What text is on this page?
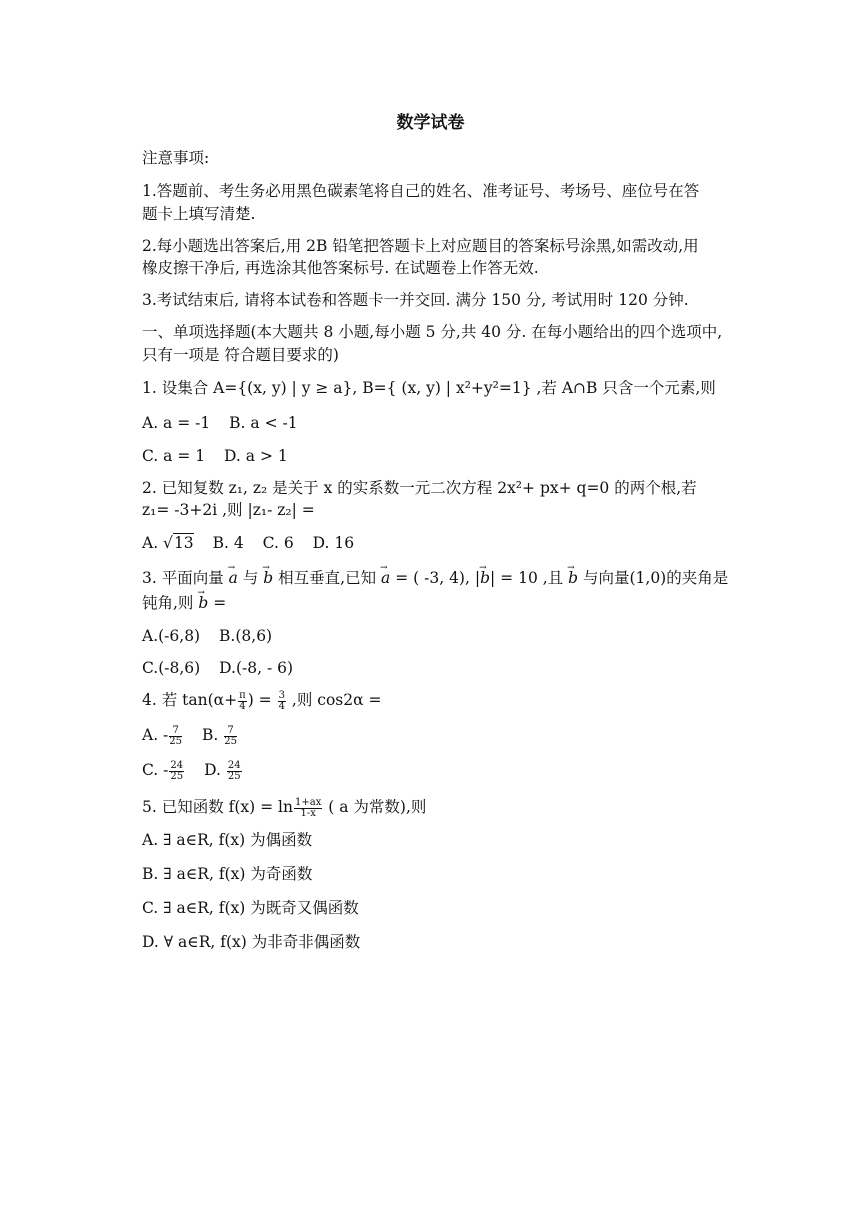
数学试卷
注意事项:
1.答题前、考生务必用黑色碳素笔将自己的姓名、准考证号、考场号、座位号在答
题卡上填写清楚.
2.每小题选出答案后,用 2B 铅笔把答题卡上对应题目的答案标号涂黑,如需改动,用
橡皮擦干净后, 再选涂其他答案标号. 在试题卷上作答无效.
3.考试结束后, 请将本试卷和答题卡一并交回. 满分 150 分, 考试用时 120 分钟.
一、单项选择题(本大题共 8 小题,每小题 5 分,共 40 分. 在每小题给出的四个选项中,
只有一项是 符合题目要求的)
1. 设集合 A={(x, y) | y ≥ a}, B={ (x, y) | x²+y²=1} ,若 A∩B 只含一个元素,则
A. a = -1 B. a < -1
C. a = 1 D. a > 1
2. 已知复数 z₁, z₂ 是关于 x 的实系数一元二次方程 2x²+ px+ q=0 的两个根,若
z₁= -3+2i ,则 |z₁- z₂| =
A. √13 B. 4 C. 6 D. 16
3. 平面向量 → a 与 → b 相互垂直,已知 → a = ( -3, 4), |→ b| = 10 ,且 → b 与向量(1,0)的夹角是
钝角,则 → b =
A.(-6,8) B.(8,6)
C.(-8,6) D.(-8, - 6)
4. 若 $\tan(\alpha+ \frac{\pi}{4}$ ) = $\frac{3}{4}$ ,则 cos2α =
A. - $\frac{7}{25} B$. $\frac{7}{25}$
C. - $\frac{24}{25} D$. $\frac{24}{25}$
5. 已知函数 $f(x) = \ln \frac{1+ax}{1-x}$ ( a 为常数),则
A. ∃ a∈R, f(x) 为偶函数
B. ∃ a∈R, f(x) 为奇函数
C. ∃ a∈R, f(x) 为既奇又偶函数
D. ∀ a∈R, f(x) 为非奇非偶函数
